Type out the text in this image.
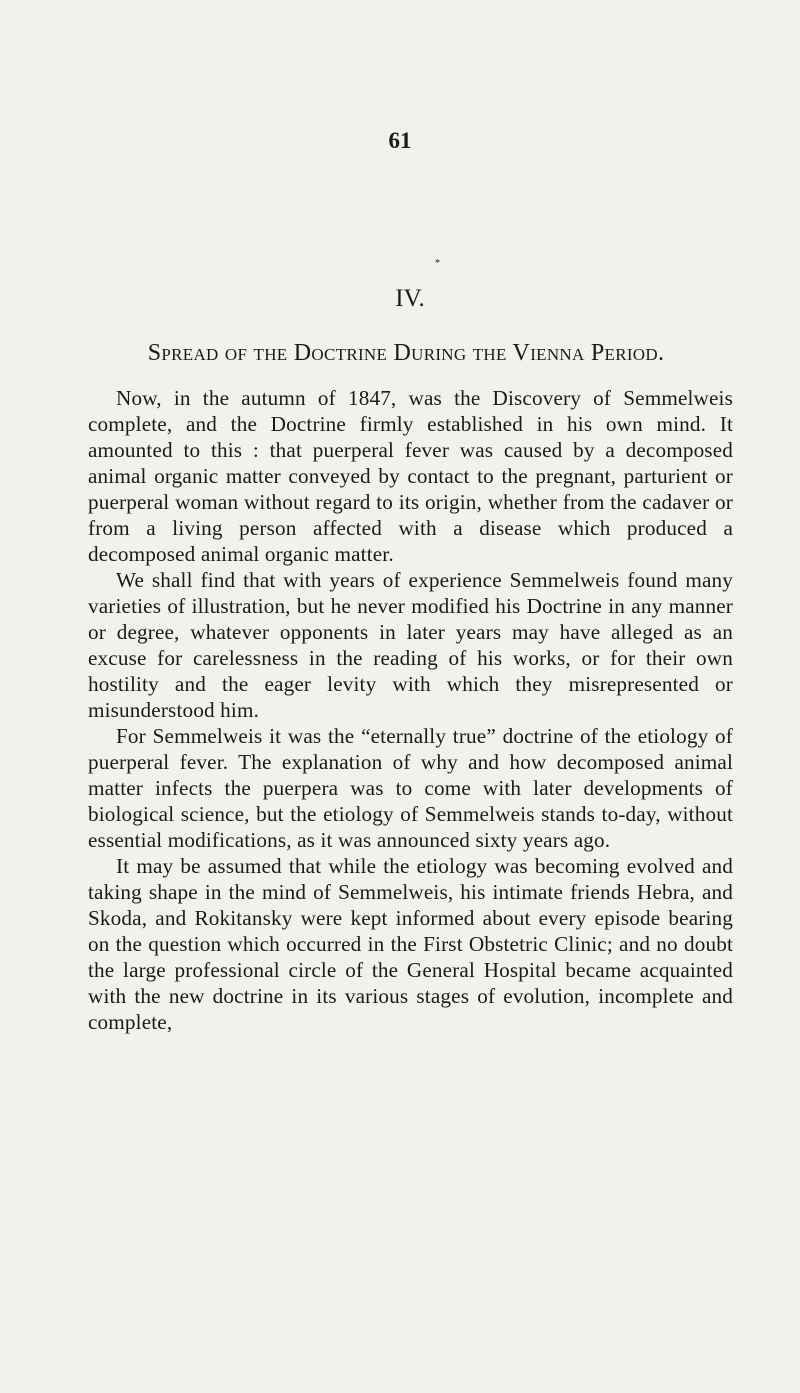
61
*
IV.
Spread of the Doctrine During the Vienna Period.

Now, in the autumn of 1847, was the Discovery of Semmelweis complete, and the Doctrine firmly established in his own mind. It amounted to this : that puerperal fever was caused by a decomposed animal organic matter conveyed by contact to the pregnant, parturient or puerperal woman without regard to its origin, whether from the cadaver or from a living person affected with a disease which produced a decomposed animal organic matter.

We shall find that with years of experience Semmelweis found many varieties of illustration, but he never modified his Doctrine in any manner or degree, whatever opponents in later years may have alleged as an excuse for carelessness in the reading of his works, or for their own hostility and the eager levity with which they misrepresented or misunderstood him.

For Semmelweis it was the “eternally true” doctrine of the etiology of puerperal fever. The explanation of why and how decomposed animal matter infects the puerpera was to come with later developments of biological science, but the etiology of Semmelweis stands to-day, without essential modifications, as it was announced sixty years ago.

It may be assumed that while the etiology was becoming evolved and taking shape in the mind of Semmelweis, his intimate friends Hebra, and Skoda, and Rokitansky were kept informed about every episode bearing on the question which occurred in the First Obstetric Clinic; and no doubt the large professional circle of the General Hospital became acquainted with the new doctrine in its various stages of evolution, incomplete and complete,
